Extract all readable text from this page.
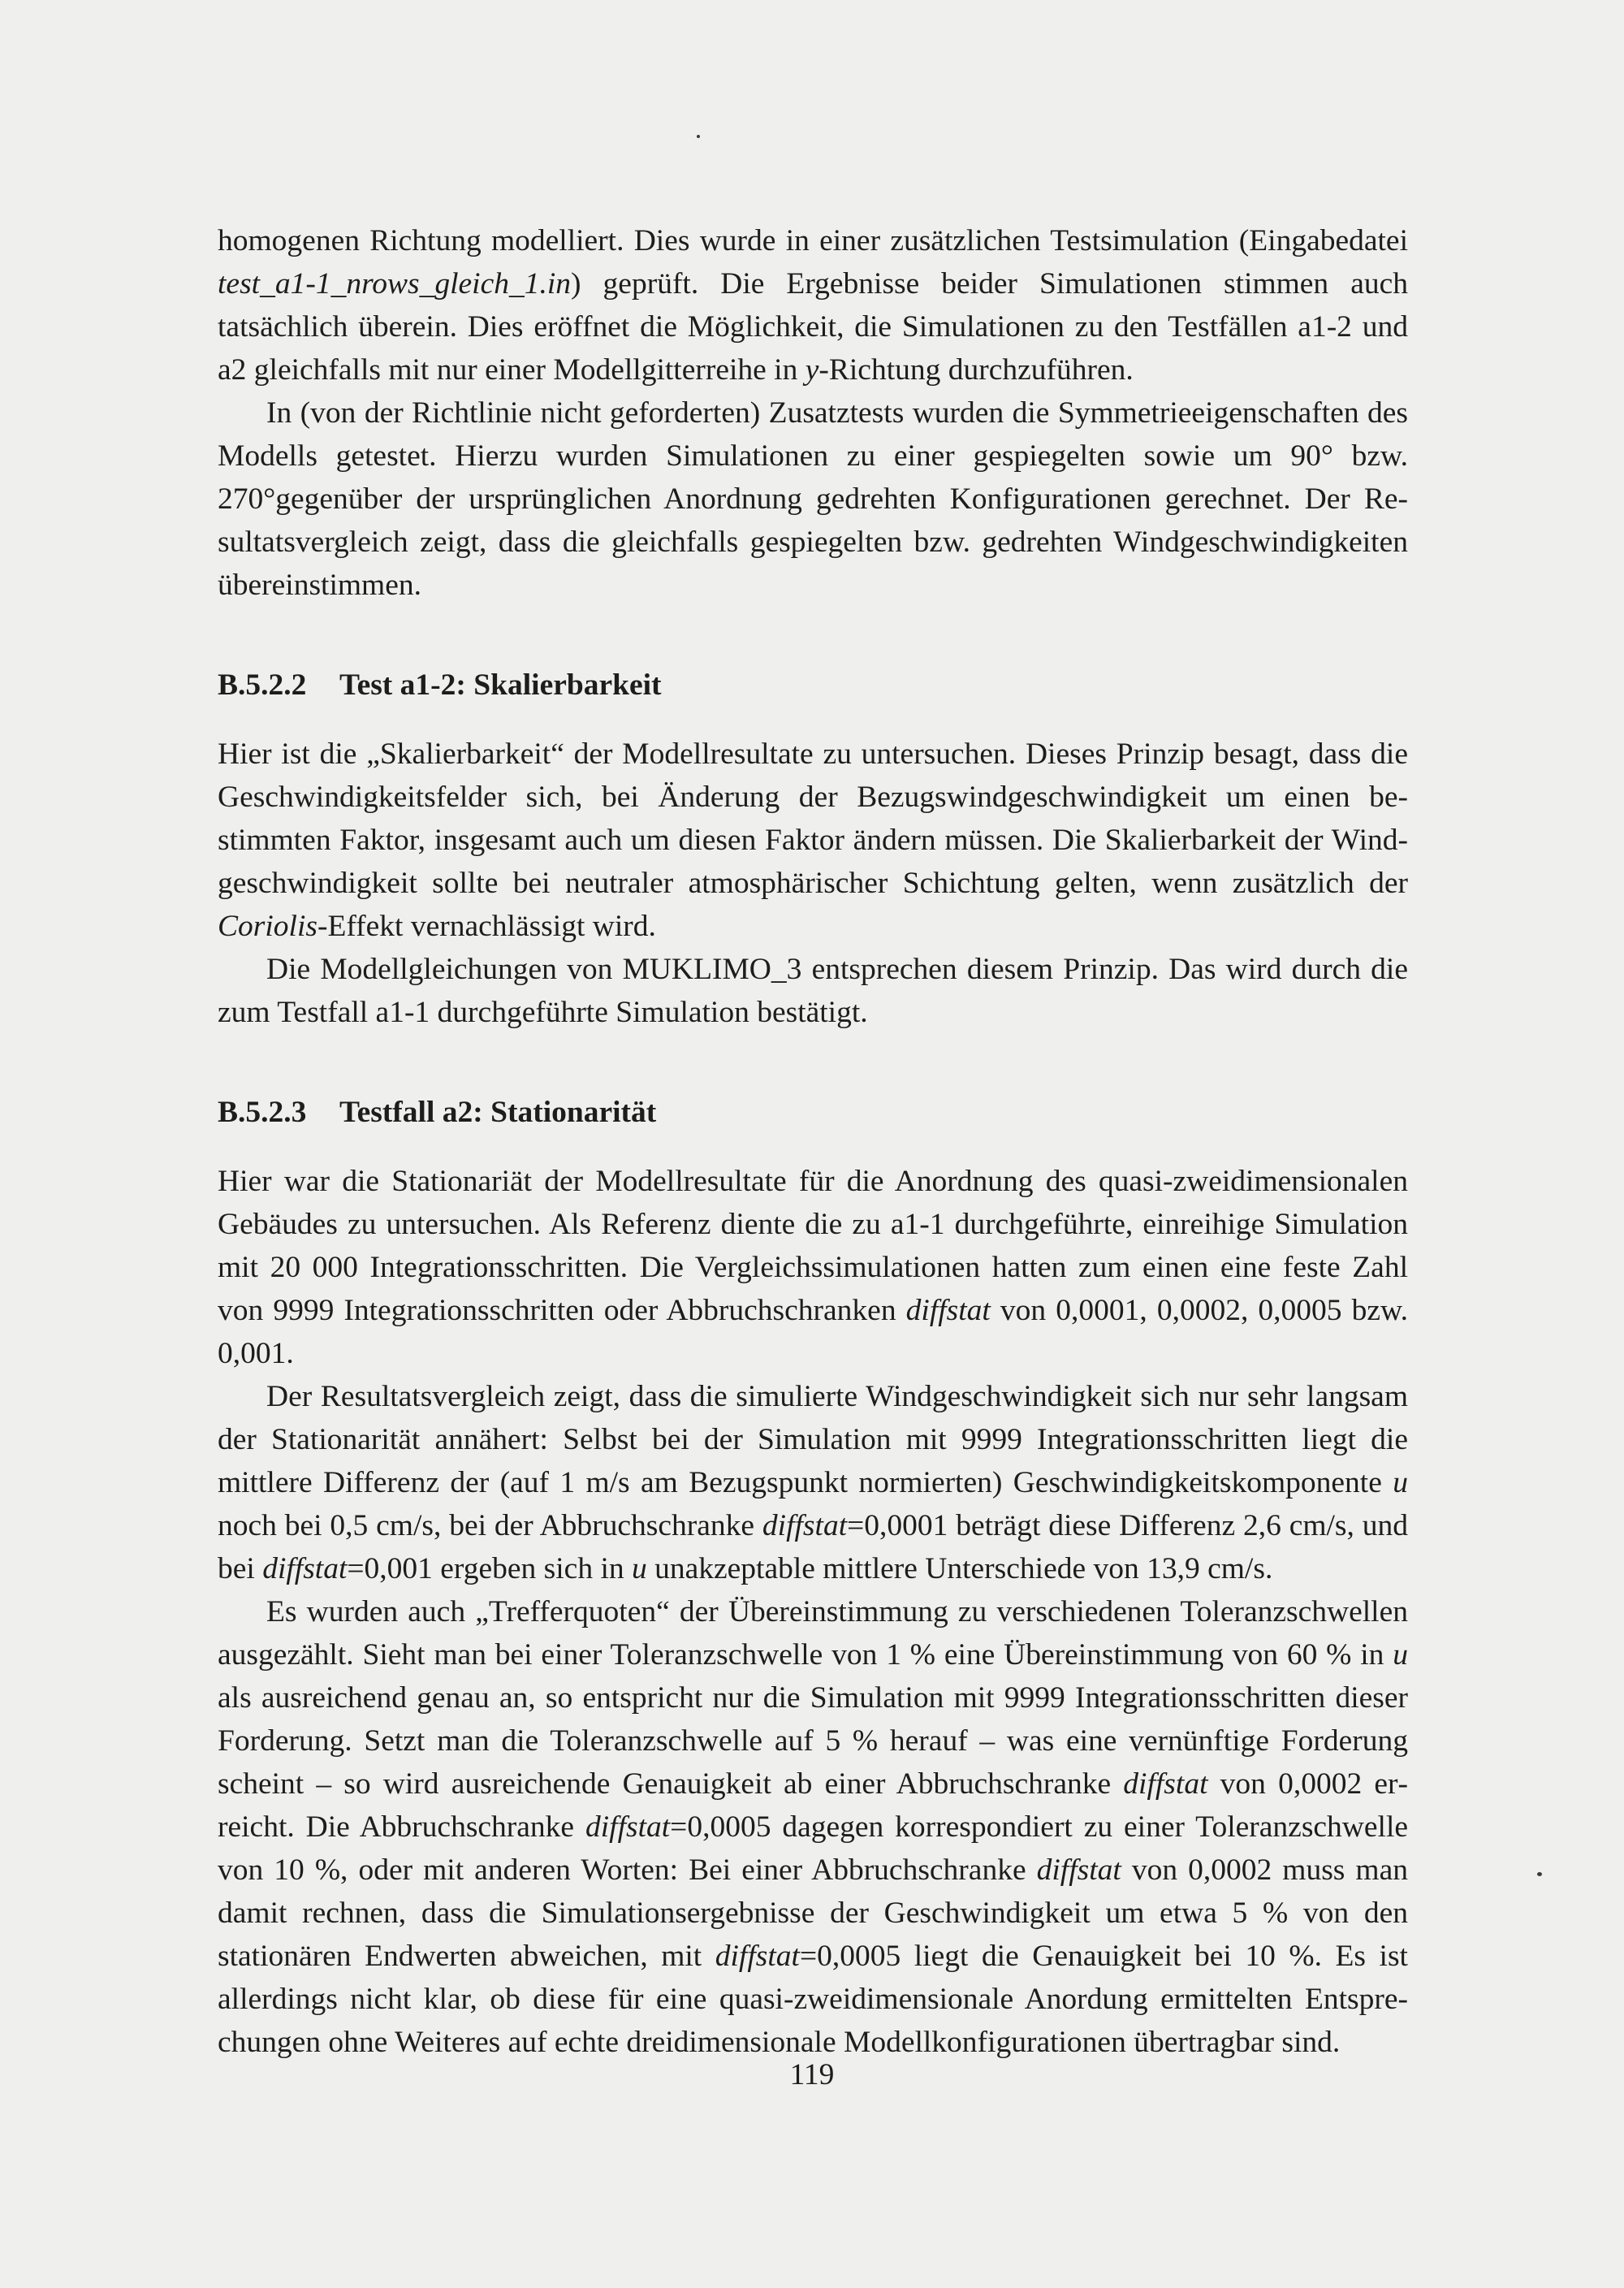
homogenen Richtung modelliert. Dies wurde in einer zusätzlichen Testsimulation (Eingabedatei test_a1-1_nrows_gleich_1.in) geprüft. Die Ergebnisse beider Simulationen stimmen auch tatsächlich überein. Dies eröffnet die Möglichkeit, die Simulationen zu den Testfällen a1-2 und a2 gleichfalls mit nur einer Modellgitterreihe in y-Richtung durchzuführen.

In (von der Richtlinie nicht geforderten) Zusatztests wurden die Symmetrieeigenschaften des Modells getestet. Hierzu wurden Simulationen zu einer gespiegelten sowie um 90° bzw. 270°gegenüber der ursprünglichen Anordnung gedrehten Konfigurationen gerechnet. Der Resultatsvergleich zeigt, dass die gleichfalls gespiegelten bzw. gedrehten Windgeschwindigkeiten übereinstimmen.

B.5.2.2 Test a1-2: Skalierbarkeit

Hier ist die „Skalierbarkeit“ der Modellresultate zu untersuchen. Dieses Prinzip besagt, dass die Geschwindigkeitsfelder sich, bei Änderung der Bezugswindgeschwindigkeit um einen bestimmten Faktor, insgesamt auch um diesen Faktor ändern müssen. Die Skalierbarkeit der Windgeschwindigkeit sollte bei neutraler atmosphärischer Schichtung gelten, wenn zusätzlich der Coriolis-Effekt vernachlässigt wird.

Die Modellgleichungen von MUKLIMO_3 entsprechen diesem Prinzip. Das wird durch die zum Testfall a1-1 durchgeführte Simulation bestätigt.

B.5.2.3 Testfall a2: Stationarität

Hier war die Stationariät der Modellresultate für die Anordnung des quasi-zweidimensionalen Gebäudes zu untersuchen. Als Referenz diente die zu a1-1 durchgeführte, einreihige Simulation mit 20 000 Integrationsschritten. Die Vergleichssimulationen hatten zum einen eine feste Zahl von 9999 Integrationsschritten oder Abbruchschranken diffstat von 0,0001, 0,0002, 0,0005 bzw. 0,001.

Der Resultatsvergleich zeigt, dass die simulierte Windgeschwindigkeit sich nur sehr langsam der Stationarität annähert: Selbst bei der Simulation mit 9999 Integrationsschritten liegt die mittlere Differenz der (auf 1 m/s am Bezugspunkt normierten) Geschwindigkeitskomponente u noch bei 0,5 cm/s, bei der Abbruchschranke diffstat=0,0001 beträgt diese Differenz 2,6 cm/s, und bei diffstat=0,001 ergeben sich in u unakzeptable mittlere Unterschiede von 13,9 cm/s.

Es wurden auch „Trefferquoten“ der Übereinstimmung zu verschiedenen Toleranzschwellen ausgezählt. Sieht man bei einer Toleranzschwelle von 1 % eine Übereinstimmung von 60 % in u als ausreichend genau an, so entspricht nur die Simulation mit 9999 Integrationsschritten dieser Forderung. Setzt man die Toleranzschwelle auf 5 % herauf – was eine vernünftige Forderung scheint – so wird ausreichende Genauigkeit ab einer Abbruchschranke diffstat von 0,0002 erreicht. Die Abbruchschranke diffstat=0,0005 dagegen korrespondiert zu einer Toleranzschwelle von 10 %, oder mit anderen Worten: Bei einer Abbruchschranke diffstat von 0,0002 muss man damit rechnen, dass die Simulationsergebnisse der Geschwindigkeit um etwa 5 % von den stationären Endwerten abweichen, mit diffstat=0,0005 liegt die Genauigkeit bei 10 %. Es ist allerdings nicht klar, ob diese für eine quasi-zweidimensionale Anordung ermittelten Entsprechungen ohne Weiteres auf echte dreidimensionale Modellkonfigurationen übertragbar sind.

119
